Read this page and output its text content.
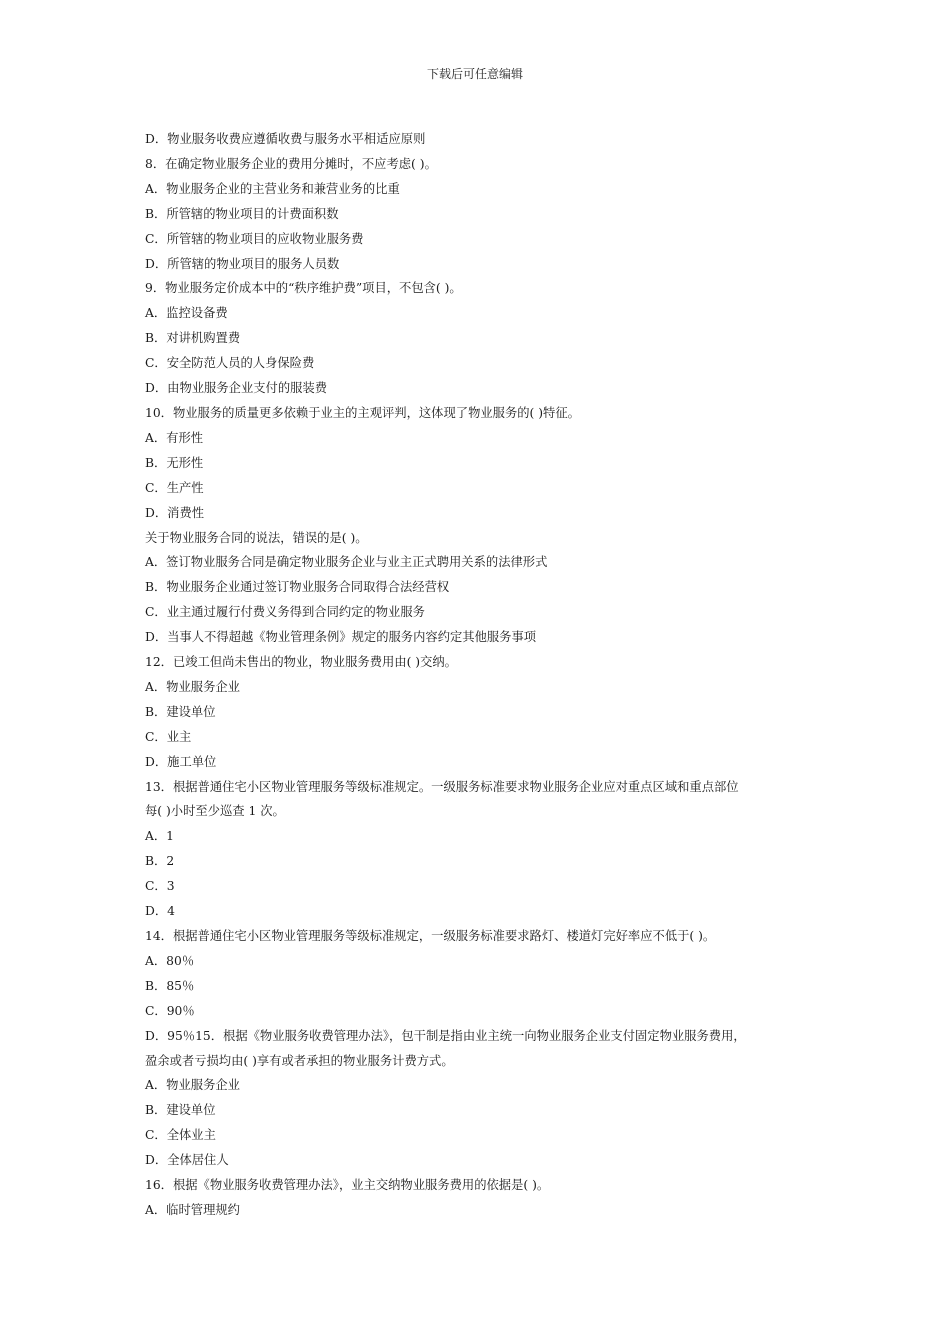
下载后可任意编辑
D．物业服务收费应遵循收费与服务水平相适应原则
8．在确定物业服务企业的费用分摊时，不应考虑( )。
A．物业服务企业的主营业务和兼营业务的比重
B．所管辖的物业项目的计费面积数
C．所管辖的物业项目的应收物业服务费
D．所管辖的物业项目的服务人员数
9．物业服务定价成本中的“秩序维护费”项目，不包含( )。
A．监控设备费
B．对讲机购置费
C．安全防范人员的人身保险费
D．由物业服务企业支付的服装费
10．物业服务的质量更多依赖于业主的主观评判，这体现了物业服务的( )特征。
A．有形性
B．无形性
C．生产性
D．消费性
关于物业服务合同的说法，错误的是( )。
A．签订物业服务合同是确定物业服务企业与业主正式聘用关系的法律形式
B．物业服务企业通过签订物业服务合同取得合法经营权
C．业主通过履行付费义务得到合同约定的物业服务
D．当事人不得超越《物业管理条例》规定的服务内容约定其他服务事项
12．已竣工但尚未售出的物业，物业服务费用由( )交纳。
A．物业服务企业
B．建设单位
C．业主
D．施工单位
13．根据普通住宅小区物业管理服务等级标准规定。一级服务标准要求物业服务企业应对重点区域和重点部位
每( )小时至少巡查 1 次。
A．1
B．2
C．3
D．4
14．根据普通住宅小区物业管理服务等级标准规定，一级服务标准要求路灯、楼道灯完好率应不低于( )。
A．80％
B．85％
C．90％
D．95％15．根据《物业服务收费管理办法》，包干制是指由业主统一向物业服务企业支付固定物业服务费用，
盈余或者亏损均由( )享有或者承担的物业服务计费方式。
A．物业服务企业
B．建设单位
C．全体业主
D．全体居住人
16．根据《物业服务收费管理办法》，业主交纳物业服务费用的依据是( )。
A．临时管理规约
